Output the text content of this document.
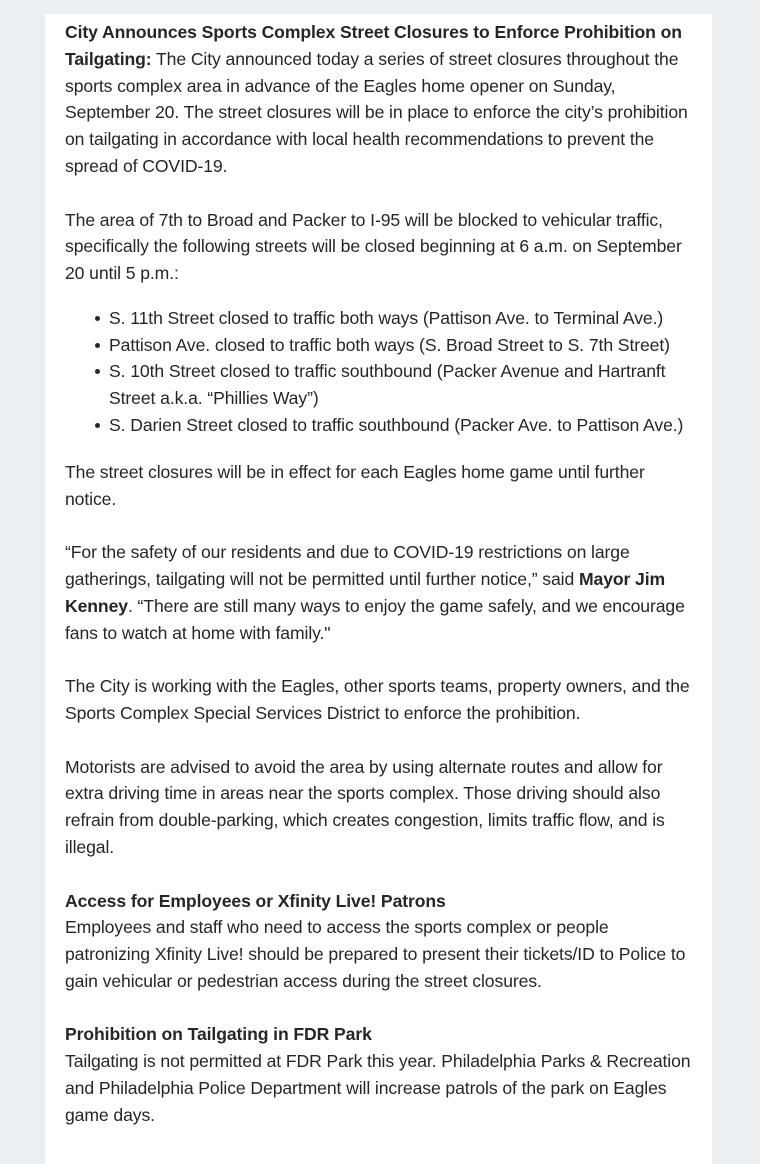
City Announces Sports Complex Street Closures to Enforce Prohibition on Tailgating: The City announced today a series of street closures throughout the sports complex area in advance of the Eagles home opener on Sunday, September 20. The street closures will be in place to enforce the city’s prohibition on tailgating in accordance with local health recommendations to prevent the spread of COVID-19.

The area of 7th to Broad and Packer to I-95 will be blocked to vehicular traffic, specifically the following streets will be closed beginning at 6 a.m. on September 20 until 5 p.m.:

S. 11th Street closed to traffic both ways (Pattison Ave. to Terminal Ave.)
Pattison Ave. closed to traffic both ways (S. Broad Street to S. 7th Street)
S. 10th Street closed to traffic southbound (Packer Avenue and Hartranft Street a.k.a. “Phillies Way”)
S. Darien Street closed to traffic southbound (Packer Ave. to Pattison Ave.)

The street closures will be in effect for each Eagles home game until further notice.

“For the safety of our residents and due to COVID-19 restrictions on large gatherings, tailgating will not be permitted until further notice,” said Mayor Jim Kenney. “There are still many ways to enjoy the game safely, and we encourage fans to watch at home with family."

The City is working with the Eagles, other sports teams, property owners, and the Sports Complex Special Services District to enforce the prohibition.

Motorists are advised to avoid the area by using alternate routes and allow for extra driving time in areas near the sports complex. Those driving should also refrain from double-parking, which creates congestion, limits traffic flow, and is illegal.

Access for Employees or Xfinity Live! Patrons
Employees and staff who need to access the sports complex or people patronizing Xfinity Live! should be prepared to present their tickets/ID to Police to gain vehicular or pedestrian access during the street closures.

Prohibition on Tailgating in FDR Park
Tailgating is not permitted at FDR Park this year. Philadelphia Parks & Recreation and Philadelphia Police Department will increase patrols of the park on Eagles game days.
